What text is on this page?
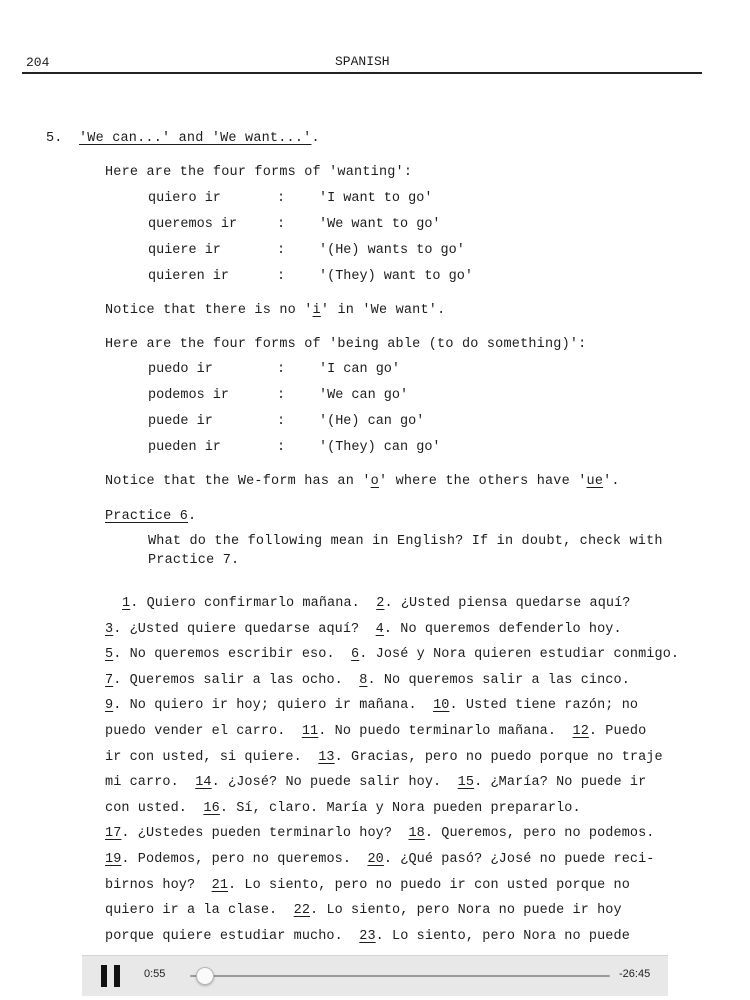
204	SPANISH
5. 'We can...' and 'We want...'.
Here are the four forms of 'wanting':
quiero ir	:	'I want to go'
queremos ir	:	'We want to go'
quiere ir	:	'(He) wants to go'
quieren ir	:	'(They) want to go'
Notice that there is no 'i' in 'We want'.
Here are the four forms of 'being able (to do something)':
puedo ir	:	'I can go'
podemos ir	:	'We can go'
puede ir	:	'(He) can go'
pueden ir	:	'(They) can go'
Notice that the We-form has an 'o' where the others have 'ue'.
Practice 6.
What do the following mean in English? If in doubt, check with
Practice 7.
1. Quiero confirmarlo mañana.  2. ¿Usted piensa quedarse aquí?
3. ¿Usted quiere quedarse aquí?  4. No queremos defenderlo hoy.
5. No queremos escribir eso.  6. José y Nora quieren estudiar conmigo.
7. Queremos salir a las ocho.  8. No queremos salir a las cinco.
9. No quiero ir hoy; quiero ir mañana.  10. Usted tiene razón; no
puedo vender el carro.  11. No puedo terminarlo mañana.  12. Puedo
ir con usted, si quiere.  13. Gracias, pero no puedo porque no traje
mi carro.  14. ¿José? No puede salir hoy.  15. ¿María? No puede ir
con usted.  16. Sí, claro. María y Nora pueden prepararlo.
17. ¿Ustedes pueden terminarlo hoy?  18. Queremos, pero no podemos.
19. Podemos, pero no queremos.  20. ¿Qué pasó? ¿José no puede reci-
birnos hoy?  21. Lo siento, pero no puedo ir con usted porque no
quiero ir a la clase.  22. Lo siento, pero Nora no puede ir hoy
porque quiere estudiar mucho.  23. Lo siento, pero Nora no puede
0:55	-26:45
